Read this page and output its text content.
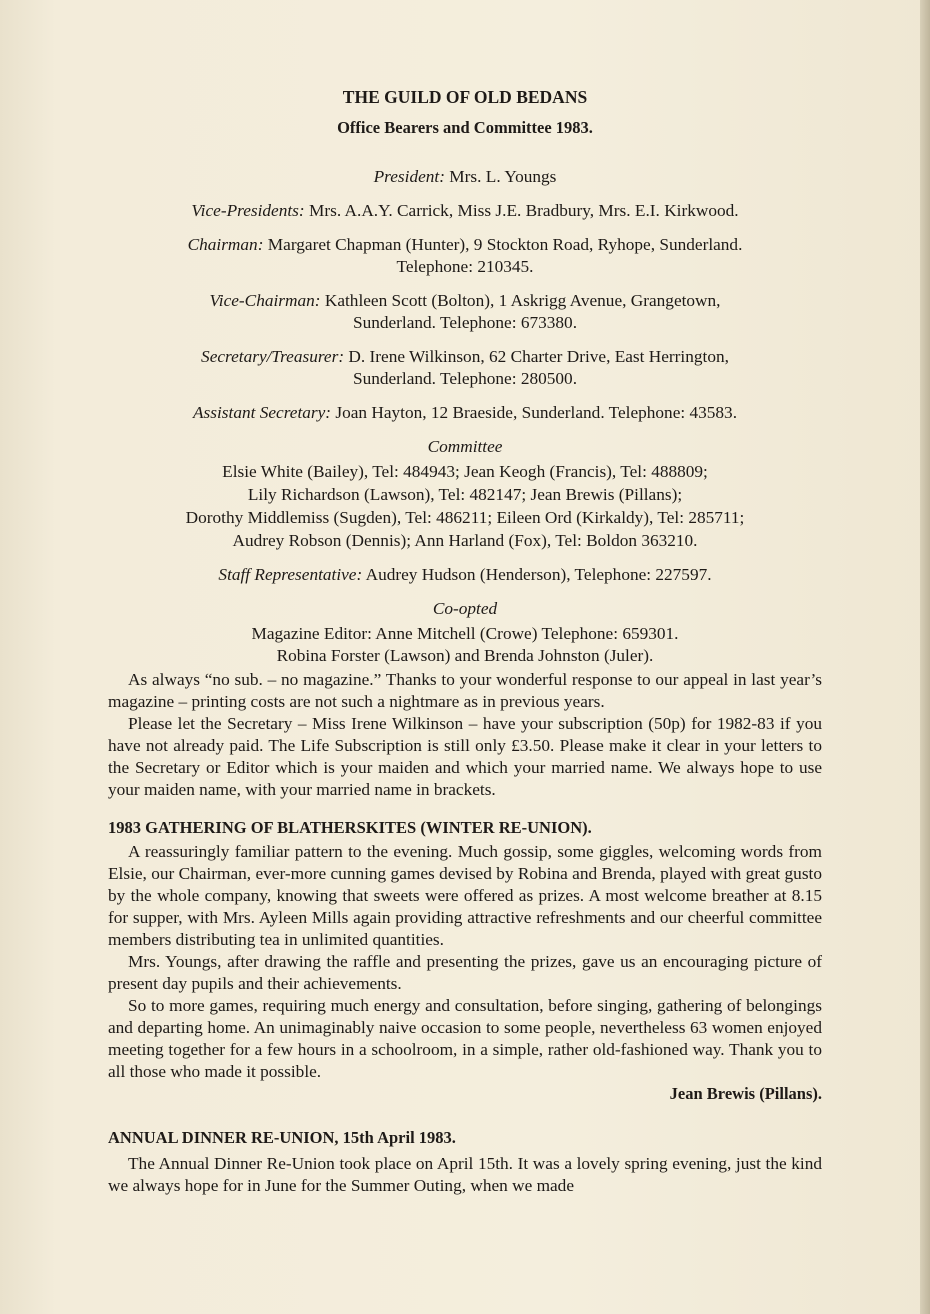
THE GUILD OF OLD BEDANS
Office Bearers and Committee 1983.
President: Mrs. L. Youngs
Vice-Presidents: Mrs. A.A.Y. Carrick, Miss J.E. Bradbury, Mrs. E.I. Kirkwood.
Chairman: Margaret Chapman (Hunter), 9 Stockton Road, Ryhope, Sunderland.
Telephone: 210345.
Vice-Chairman: Kathleen Scott (Bolton), 1 Askrigg Avenue, Grangetown,
Sunderland. Telephone: 673380.
Secretary/Treasurer: D. Irene Wilkinson, 62 Charter Drive, East Herrington,
Sunderland. Telephone: 280500.
Assistant Secretary: Joan Hayton, 12 Braeside, Sunderland. Telephone: 43583.
Committee
Elsie White (Bailey), Tel: 484943; Jean Keogh (Francis), Tel: 488809;
Lily Richardson (Lawson), Tel: 482147; Jean Brewis (Pillans);
Dorothy Middlemiss (Sugden), Tel: 486211; Eileen Ord (Kirkaldy), Tel: 285711;
Audrey Robson (Dennis); Ann Harland (Fox), Tel: Boldon 363210.
Staff Representative: Audrey Hudson (Henderson), Telephone: 227597.
Co-opted
Magazine Editor: Anne Mitchell (Crowe) Telephone: 659301.
Robina Forster (Lawson) and Brenda Johnston (Juler).

As always “no sub. – no magazine.” Thanks to your wonderful response to our appeal in last year’s magazine – printing costs are not such a nightmare as in previous years.

Please let the Secretary – Miss Irene Wilkinson – have your subscription (50p) for 1982-83 if you have not already paid. The Life Subscription is still only £3.50. Please make it clear in your letters to the Secretary or Editor which is your maiden and which your married name. We always hope to use your maiden name, with your married name in brackets.

1983 GATHERING OF BLATHERSKITES (WINTER RE-UNION).

A reassuringly familiar pattern to the evening. Much gossip, some giggles, welcoming words from Elsie, our Chairman, ever-more cunning games devised by Robina and Brenda, played with great gusto by the whole company, knowing that sweets were offered as prizes. A most welcome breather at 8.15 for supper, with Mrs. Ayleen Mills again providing attractive refreshments and our cheerful committee members distributing tea in unlimited quantities.

Mrs. Youngs, after drawing the raffle and presenting the prizes, gave us an encouraging picture of present day pupils and their achievements.

So to more games, requiring much energy and consultation, before singing, gathering of belongings and departing home. An unimaginably naive occasion to some people, nevertheless 63 women enjoyed meeting together for a few hours in a schoolroom, in a simple, rather old-fashioned way. Thank you to all those who made it possible.

Jean Brewis (Pillans).

ANNUAL DINNER RE-UNION, 15th April 1983.

The Annual Dinner Re-Union took place on April 15th. It was a lovely spring evening, just the kind we always hope for in June for the Summer Outing, when we made
